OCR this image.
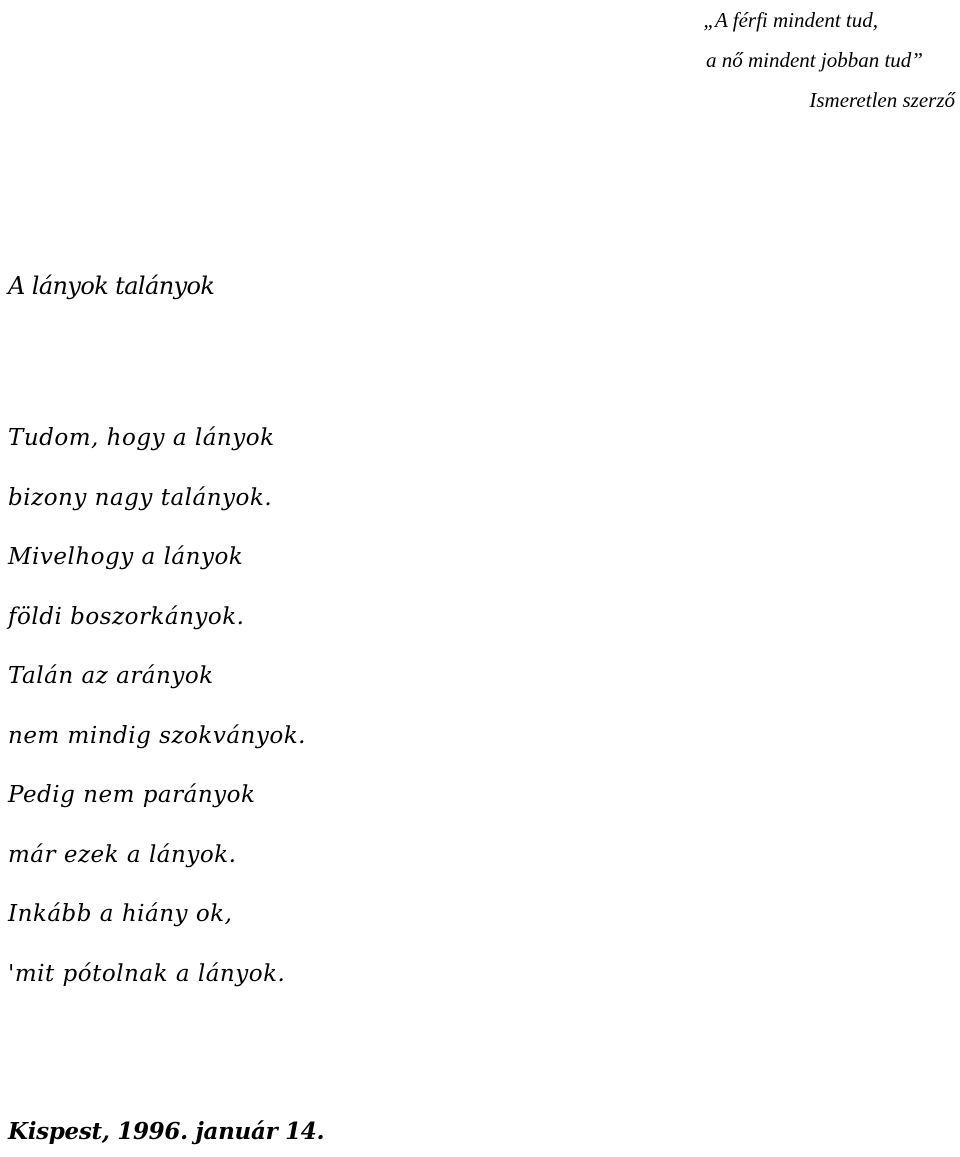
„A férfi mindent tud,
a nő mindent jobban tud”
Ismeretlen szerző
A lányok talányok
Tudom, hogy a lányok
bizony nagy talányok.
Mivelhogy a lányok
földi boszorkányok.
Talán az arányok
nem mindig szokványok.
Pedig nem parányok
már ezek a lányok.
Inkább a hiány ok,
'mit pótolnak a lányok.

Kispest, 1996. január 14.
